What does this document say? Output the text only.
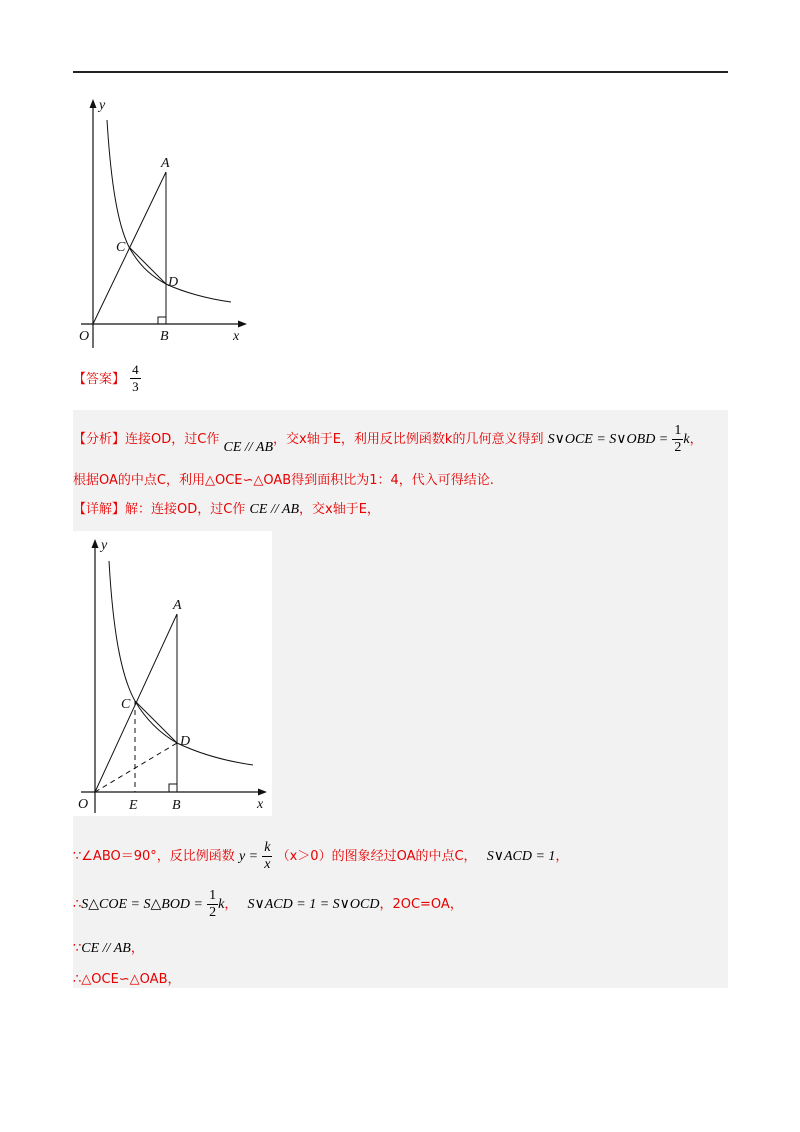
y
x
O
A
B
C
D
【答案】 $\frac{4}{3}$
【分析】连接OD，过C作 CE // AB，交x轴于E，利用反比例函数k的几何意义得到 S∨OCE = S∨OBD = $\frac{1}{2}$ k，
根据OA的中点C，利用△OCE∽△OAB得到面积比为1：4，代入可得结论.
【详解】解：连接OD，过C作 CE // AB，交x轴于E，
y
x
O
A
B
C
D
E
∵∠ABO＝90°，反比例函数 $y = \frac{k}{x} (x>0)$的图象经过OA的中点C， S∨ACD = 1，
∴S△COE = S△BOD = $\frac{1}{2}$ k， S∨ACD = 1 = S∨OCD，2OC=OA，
∵CE // AB，
∴△OCE∽△OAB，
